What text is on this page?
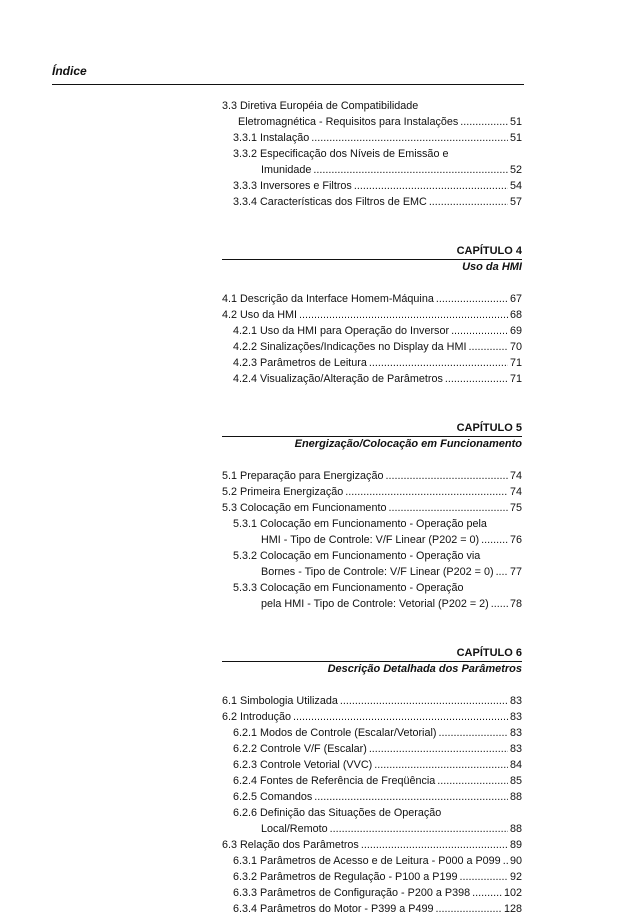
Índice
3.3 Diretiva Européia de Compatibilidade
Eletromagnética - Requisitos para Instalações .....	51
3.3.1 Instalação .....	51
3.3.2 Especificação dos Níveis de Emissão e
Imunidade .....	52
3.3.3 Inversores e Filtros .....	54
3.3.4 Características dos Filtros de EMC .....	57
CAPÍTULO 4
Uso da HMI
4.1 Descrição da Interface Homem-Máquina .....	67
4.2 Uso da HMI .....	68
4.2.1 Uso da HMI para Operação do Inversor .....	69
4.2.2 Sinalizações/Indicações no Display da HMI .....	70
4.2.3 Parâmetros de Leitura .....	71
4.2.4 Visualização/Alteração de Parâmetros .....	71
CAPÍTULO 5
Energização/Colocação em Funcionamento
5.1 Preparação para Energização .....	74
5.2 Primeira Energização .....	74
5.3 Colocação em Funcionamento .....	75
5.3.1 Colocação em Funcionamento - Operação pela
HMI - Tipo de Controle: V/F Linear (P202 = 0) .....	76
5.3.2 Colocação em Funcionamento - Operação via
Bornes - Tipo de Controle: V/F Linear (P202 = 0) ..... 77
5.3.3 Colocação em Funcionamento - Operação
pela HMI - Tipo de Controle: Vetorial (P202 = 2) ..... 78
CAPÍTULO 6
Descrição Detalhada dos Parâmetros
6.1 Simbologia Utilizada .....	83
6.2 Introdução .....	83
6.2.1 Modos de Controle (Escalar/Vetorial) .....	83
6.2.2 Controle V/F (Escalar) .....	83
6.2.3 Controle Vetorial (VVC) .....	84
6.2.4 Fontes de Referência de Freqüência .....	85
6.2.5 Comandos .....	88
6.2.6 Definição das Situações de Operação
Local/Remoto .....	88
6.3 Relação dos Parâmetros .....	89
6.3.1 Parâmetros de Acesso e de Leitura - P000 a P099 ..... 90
6.3.2 Parâmetros de Regulação - P100 a P199 .....	92
6.3.3 Parâmetros de Configuração - P200 a P398 .....	102
6.3.4 Parâmetros do Motor - P399 a P499 .....	128
